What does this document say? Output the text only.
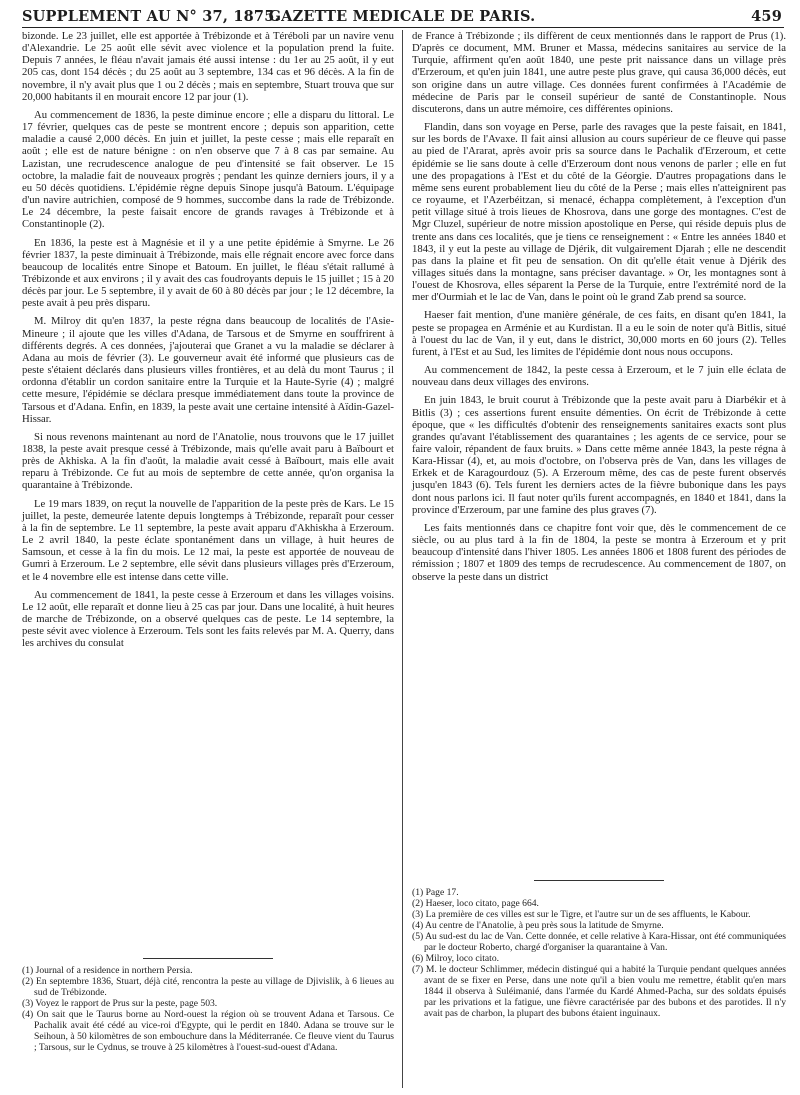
SUPPLEMENT AU N° 37, 1875.
GAZETTE MEDICALE DE PARIS.	459

bizonde. Le 23 juillet, elle est apportée à Trébizonde et à Téréboli par un navire venu d'Alexandrie. Le 25 août elle sévit avec violence et la population prend la fuite. Depuis 7 années, le fléau n'avait jamais été aussi intense : du 1er au 25 août, il y eut 205 cas, dont 154 décès ; du 25 août au 3 septembre, 134 cas et 96 décès. A la fin de novembre, il n'y avait plus que 1 ou 2 décès ; mais en septembre, Stuart trouva que sur 20,000 habitants il en mourait encore 12 par jour (1).

Au commencement de 1836, la peste diminue encore ; elle a disparu du littoral. Le 17 février, quelques cas de peste se montrent encore ; depuis son apparition, cette maladie a causé 2,000 décès. En juin et juillet, la peste cesse ; mais elle reparaît en août ; elle est de nature bénigne : on n'en observe que 7 à 8 cas par semaine. Au Lazistan, une recrudescence analogue de peu d'intensité se fait observer. Le 15 octobre, la maladie fait de nouveaux progrès ; pendant les quinze derniers jours, il y a eu 50 décès quotidiens. L'épidémie règne depuis Sinope jusqu'à Batoum. L'équipage d'un navire autrichien, composé de 9 hommes, succombe dans la rade de Trébizonde. Le 24 décembre, la peste faisait encore de grands ravages à Trébizonde et à Constantinople (2).

En 1836, la peste est à Magnésie et il y a une petite épidémie à Smyrne. Le 26 février 1837, la peste diminuait à Trébizonde, mais elle régnait encore avec force dans beaucoup de localités entre Sinope et Batoum. En juillet, le fléau s'était rallumé à Trébizonde et aux environs ; il y avait des cas foudroyants depuis le 15 juillet ; 15 à 20 décès par jour. Le 5 septembre, il y avait de 60 à 80 décès par jour ; le 12 décembre, la peste avait à peu près disparu.

M. Milroy dit qu'en 1837, la peste régna dans beaucoup de localités de l'Asie-Mineure ; il ajoute que les villes d'Adana, de Tarsous et de Smyrne en souffrirent à différents degrés. A ces données, j'ajouterai que Granet a vu la maladie se déclarer à Adana au mois de février (3). Le gouverneur avait été informé que plusieurs cas de peste s'étaient déclarés dans plusieurs villes frontières, et au delà du mont Taurus ; il ordonna d'établir un cordon sanitaire entre la Turquie et la Haute-Syrie (4) ; malgré cette mesure, l'épidémie se déclara presque immédiatement dans toute la province de Tarsous et d'Adana. Enfin, en 1839, la peste avait une certaine intensité à Aïdin-Gazel-Hissar.

Si nous revenons maintenant au nord de l'Anatolie, nous trouvons que le 17 juillet 1838, la peste avait presque cessé à Trébizonde, mais qu'elle avait paru à Baïbourt et près de Akhiska. A la fin d'août, la maladie avait cessé à Baïbourt, mais elle avait reparu à Trébizonde. Ce fut au mois de septembre de cette année, qu'on organisa la quarantaine à Trébizonde.

Le 19 mars 1839, on reçut la nouvelle de l'apparition de la peste près de Kars. Le 15 juillet, la peste, demeurée latente depuis longtemps à Trébizonde, reparaît pour cesser à la fin de septembre. Le 11 septembre, la peste avait apparu d'Akhiskha à Erzeroum. Le 2 avril 1840, la peste éclate spontanément dans un village, à huit heures de Samsoun, et cesse à la fin du mois. Le 12 mai, la peste est apportée de nouveau de Gumri à Erzeroum. Le 2 septembre, elle sévit dans plusieurs villages près d'Erzeroum, et le 4 novembre elle est intense dans cette ville.

Au commencement de 1841, la peste cesse à Erzeroum et dans les villages voisins. Le 12 août, elle reparaît et donne lieu à 25 cas par jour. Dans une localité, à huit heures de marche de Trébizonde, on a observé quelques cas de peste. Le 14 septembre, la peste sévit avec violence à Erzeroum. Tels sont les faits relevés par M. A. Querry, dans les archives du consulat

de France à Trébizonde ; ils diffèrent de ceux mentionnés dans le rapport de Prus (1). D'après ce document, MM. Bruner et Massa, médecins sanitaires au service de la Turquie, affirment qu'en août 1840, une peste prit naissance dans un village près d'Erzeroum, et qu'en juin 1841, une autre peste plus grave, qui causa 36,000 décès, eut son origine dans un autre village. Ces données furent confirmées à l'Académie de médecine de Paris par le conseil supérieur de santé de Constantinople. Nous discuterons, dans un autre mémoire, ces différentes opinions.

Flandin, dans son voyage en Perse, parle des ravages que la peste faisait, en 1841, sur les bords de l'Avaxe. Il fait ainsi allusion au cours supérieur de ce fleuve qui passe au pied de l'Ararat, après avoir pris sa source dans le Pachalik d'Erzeroum, et cette épidémie se lie sans doute à celle d'Erzeroum dont nous venons de parler ; elle en fut une des propagations à l'Est et du côté de la Géorgie. D'autres propagations dans le même sens eurent probablement lieu du côté de la Perse ; mais elles n'atteignirent pas ce royaume, et l'Azerbéitzan, si menacé, échappa complètement, à l'exception d'un petit village situé à trois lieues de Khosrova, dans une gorge des montagnes. C'est de Mgr Cluzel, supérieur de notre mission apostolique en Perse, qui réside depuis plus de trente ans dans ces localités, que je tiens ce renseignement : « Entre les années 1840 et 1843, il y eut la peste au village de Djérik, dit vulgairement Djarah ; elle ne descendit pas dans la plaine et fit peu de sensation. On dit qu'elle était venue à Djérik des villages situés dans la montagne, sans préciser davantage. » Or, les montagnes sont à l'ouest de Khosrova, elles séparent la Perse de la Turquie, entre l'extrémité nord de la mer d'Ourmiah et le lac de Van, dans le point où le grand Zab prend sa source.

Haeser fait mention, d'une manière générale, de ces faits, en disant qu'en 1841, la peste se propagea en Arménie et au Kurdistan. Il a eu le soin de noter qu'à Bitlis, situé à l'ouest du lac de Van, il y eut, dans le district, 30,000 morts en 60 jours (2). Telles furent, à l'Est et au Sud, les limites de l'épidémie dont nous nous occupons.

Au commencement de 1842, la peste cessa à Erzeroum, et le 7 juin elle éclata de nouveau dans deux villages des environs.

En juin 1843, le bruit courut à Trébizonde que la peste avait paru à Diarbékir et à Bitlis (3) ; ces assertions furent ensuite démenties. On écrit de Trébizonde à cette époque, que « les difficultés d'obtenir des renseignements sanitaires exacts sont plus grandes qu'avant l'établissement des quarantaines ; les agents de ce service, pour se faire valoir, répandent de faux bruits. » Dans cette même année 1843, la peste régna à Kara-Hissar (4), et, au mois d'octobre, on l'observa près de Van, dans les villages de Erkek et de Karagourdouz (5). A Erzeroum même, des cas de peste furent observés jusqu'en 1843 (6). Tels furent les derniers actes de la fièvre bubonique dans les pays dont nous parlons ici. Il faut noter qu'ils furent accompagnés, en 1840 et 1841, dans la province d'Erzeroum, par une famine des plus graves (7).

Les faits mentionnés dans ce chapitre font voir que, dès le commencement de ce siècle, ou au plus tard à la fin de 1804, la peste se montra à Erzeroum et y prit beaucoup d'intensité dans l'hiver 1805. Les années 1806 et 1808 furent des périodes de rémission ; 1807 et 1809 des temps de recrudescence. Au commencement de 1807, on observe la peste dans un district

(1) Journal of a residence in northern Persia.

(2) En septembre 1836, Stuart, déjà cité, rencontra la peste au village de Djivislik, à 6 lieues au sud de Trébizonde.

(3) Voyez le rapport de Prus sur la peste, page 503.

(4) On sait que le Taurus borne au Nord-ouest la région où se trouvent Adana et Tarsous. Ce Pachalik avait été cédé au vice-roi d'Egypte, qui le perdit en 1840. Adana se trouve sur le Seihoun, à 50 kilomètres de son embouchure dans la Méditerranée. Ce fleuve vient du Taurus ; Tarsous, sur le Cydnus, se trouve à 25 kilomètres à l'ouest-sud-ouest d'Adana.

(1) Page 17.

(2) Haeser, loco citato, page 664.

(3) La première de ces villes est sur le Tigre, et l'autre sur un de ses affluents, le Kabour.

(4) Au centre de l'Anatolie, à peu près sous la latitude de Smyrne.

(5) Au sud-est du lac de Van. Cette donnée, et celle relative à Kara-Hissar, ont été communiquées par le docteur Roberto, chargé d'organiser la quarantaine à Van.

(6) Milroy, loco citato.

(7) M. le docteur Schlimmer, médecin distingué qui a habité la Turquie pendant quelques années avant de se fixer en Perse, dans une note qu'il a bien voulu me remettre, établit qu'en mars 1844 il observa à Suléimanié, dans l'armée du Kardé Ahmed-Pacha, sur des soldats épuisés par les privations et la fatigue, une fièvre caractérisée par des bubons et des parotides. Il n'y avait pas de charbon, la plupart des bubons étaient inguinaux.
